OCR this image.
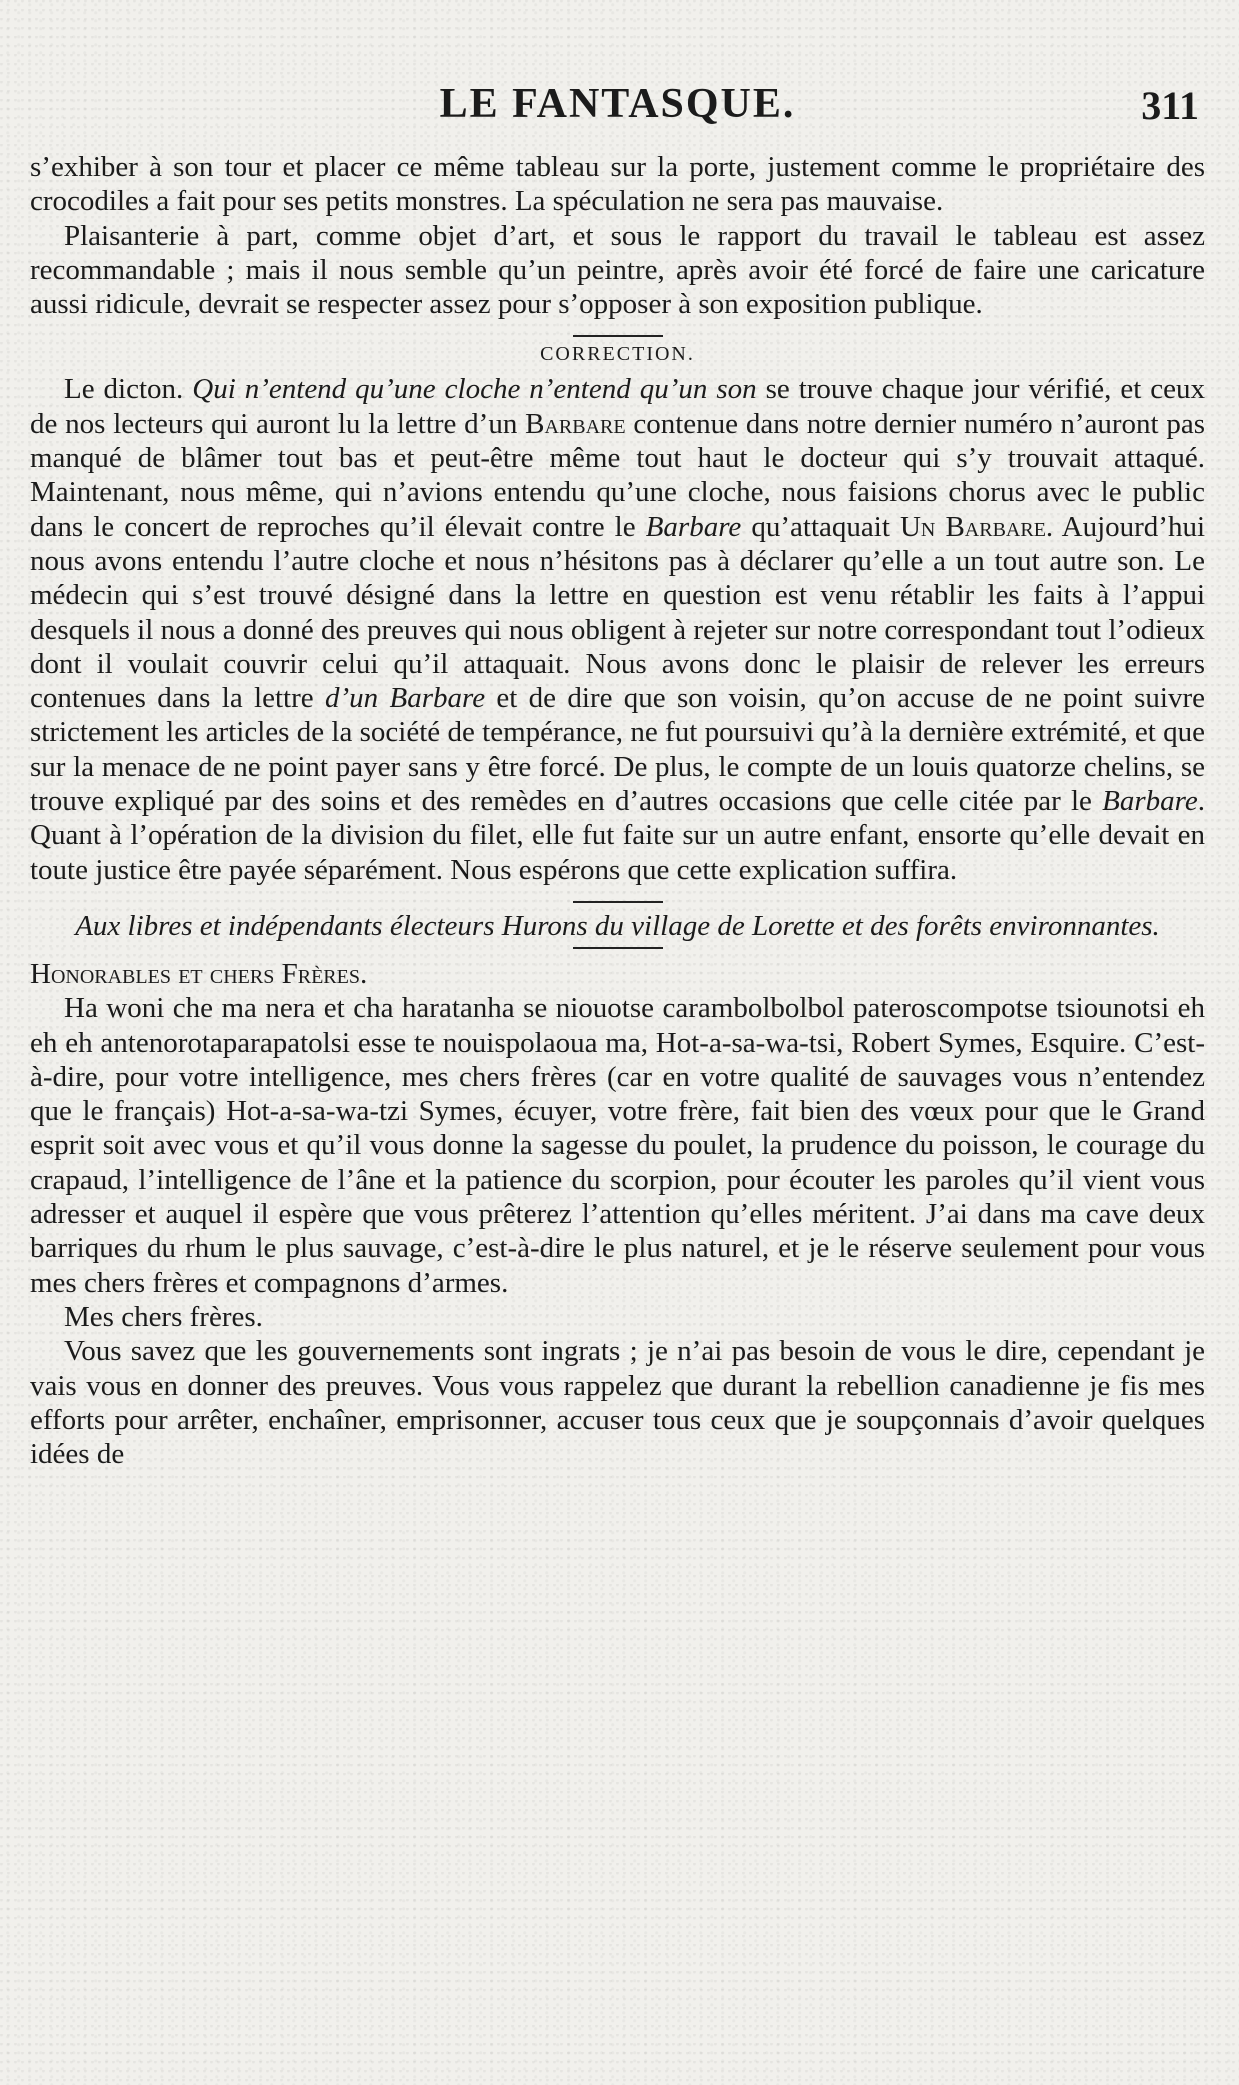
LE FANTASQUE.	311

s’exhiber à son tour et placer ce même tableau sur la porte, justement comme le propriétaire des crocodiles a fait pour ses petits monstres. La spéculation ne sera pas mauvaise.

Plaisanterie à part, comme objet d’art, et sous le rapport du travail le tableau est assez recommandable ; mais il nous semble qu’un peintre, après avoir été forcé de faire une caricature aussi ridicule, devrait se respecter assez pour s’opposer à son exposition publique.

CORRECTION.

Le dicton. Qui n’entend qu’une cloche n’entend qu’un son se trouve chaque jour vérifié, et ceux de nos lecteurs qui auront lu la lettre d’un Barbare contenue dans notre dernier numéro n’auront pas manqué de blâmer tout bas et peut-être même tout haut le docteur qui s’y trouvait attaqué. Maintenant, nous même, qui n’avions entendu qu’une cloche, nous faisions chorus avec le public dans le concert de reproches qu’il élevait contre le Barbare qu’attaquait Un Barbare. Aujourd’hui nous avons entendu l’autre cloche et nous n’hésitons pas à déclarer qu’elle a un tout autre son. Le médecin qui s’est trouvé désigné dans la lettre en question est venu rétablir les faits à l’appui desquels il nous a donné des preuves qui nous obligent à rejeter sur notre correspondant tout l’odieux dont il voulait couvrir celui qu’il attaquait. Nous avons donc le plaisir de relever les erreurs contenues dans la lettre d’un Barbare et de dire que son voisin, qu’on accuse de ne point suivre strictement les articles de la société de tempérance, ne fut poursuivi qu’à la dernière extrémité, et que sur la menace de ne point payer sans y être forcé. De plus, le compte de un louis quatorze chelins, se trouve expliqué par des soins et des remèdes en d’autres occasions que celle citée par le Barbare. Quant à l’opération de la division du filet, elle fut faite sur un autre enfant, ensorte qu’elle devait en toute justice être payée séparément. Nous espérons que cette explication suffira.

Aux libres et indépendants électeurs Hurons du village de Lorette et des forêts environnantes.

Honorables et chers Frères.

Ha woni che ma nera et cha haratanha se niouotse carambolbolbol pateroscompotse tsiounotsi eh eh eh antenorotaparapatolsi esse te nouispolaoua ma, Hot-a-sa-wa-tsi, Robert Symes, Esquire. C’est-à-dire, pour votre intelligence, mes chers frères (car en votre qualité de sauvages vous n’entendez que le français) Hot-a-sa-wa-tzi Symes, écuyer, votre frère, fait bien des vœux pour que le Grand esprit soit avec vous et qu’il vous donne la sagesse du poulet, la prudence du poisson, le courage du crapaud, l’intelligence de l’âne et la patience du scorpion, pour écouter les paroles qu’il vient vous adresser et auquel il espère que vous prêterez l’attention qu’elles méritent. J’ai dans ma cave deux barriques du rhum le plus sauvage, c’est-à-dire le plus naturel, et je le réserve seulement pour vous mes chers frères et compagnons d’armes.

Mes chers frères.

Vous savez que les gouvernements sont ingrats ; je n’ai pas besoin de vous le dire, cependant je vais vous en donner des preuves. Vous vous rappelez que durant la rebellion canadienne je fis mes efforts pour arrêter, enchaîner, emprisonner, accuser tous ceux que je soupçonnais d’avoir quelques idées de
